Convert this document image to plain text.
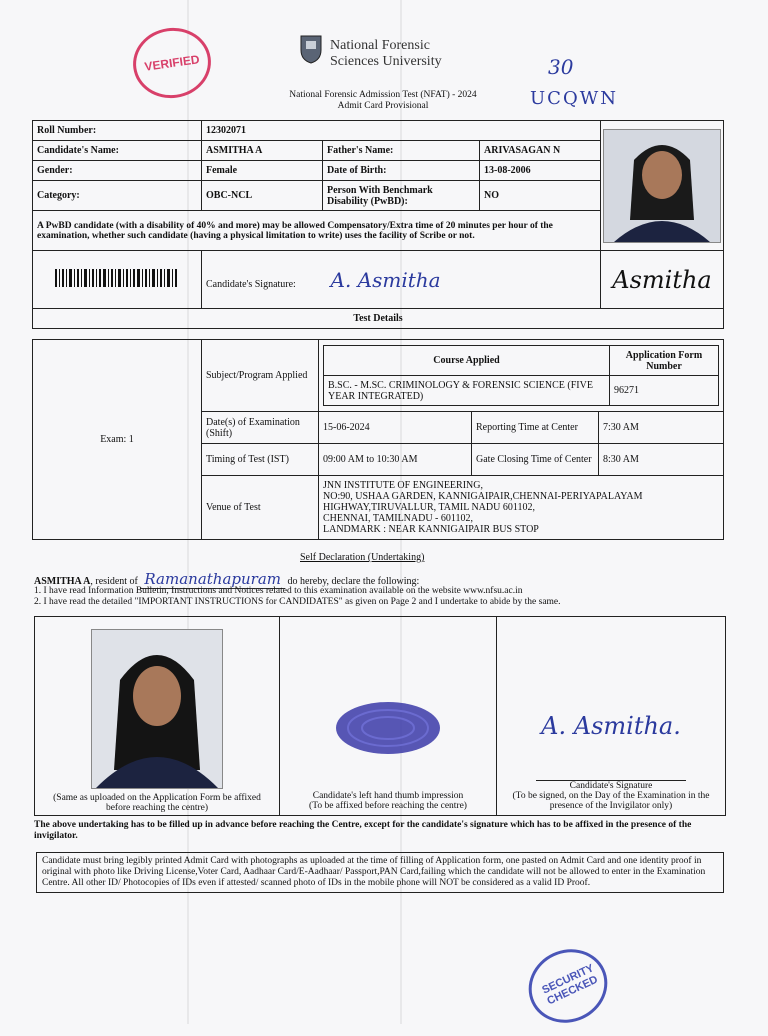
VERIFIED
National Forensic Sciences University
National Forensic Admission Test (NFAT) - 2024
Admit Card Provisional
30
UCQWN
Roll Number:	12302071	

Candidate's Name:	ASMITHA A	Father's Name:	ARIVASAGAN N	
Gender:	Female	Date of Birth:	13-08-2006	
Category:	OBC-NCL	Person With Benchmark Disability (PwBD):	NO	
A PwBD candidate (with a disability of 40% and more) may be allowed Compensatory/Extra time of 20 minutes per hour of the examination, whether such candidate (having a physical limitation to write) uses the facility of Scribe or not.				
	Candidate's Signature: A. Asmitha			Asmitha
Test Details				
Exam: 1	Subject/Program Applied	
Course Applied	Application Form Number
B.SC. - M.SC. CRIMINOLOGY & FORENSIC SCIENCE (FIVE YEAR INTEGRATED)	96271

Date(s) of Examination (Shift)	15-06-2024	Reporting Time at Center	7:30 AM
Timing of Test (IST)	09:00 AM to 10:30 AM	Gate Closing Time of Center	8:30 AM
Venue of Test	
JNN INSTITUTE OF ENGINEERING,
NO:90, USHAA GARDEN, KANNIGAIPAIR,CHENNAI-PERIYAPALAYAM
HIGHWAY,TIRUVALLUR, TAMIL NADU 601102,
CHENNAI, TAMILNADU - 601102,
LANDMARK : NEAR KANNIGAIPAIR BUS STOP
Self Declaration (Undertaking)
ASMITHA A, resident of Ramanathapuram do hereby, declare the following:
1. I have read Information Bulletin, Instructions and Notices related to this examination available on the website www.nfsu.ac.in
2. I have read the detailed "IMPORTANT INSTRUCTIONS for CANDIDATES" as given on Page 2 and I undertake to abide by the same.
(Same as uploaded on the Application Form be affixed before reaching the centre)

Candidate's left hand thumb impression
(To be affixed before reaching the centre)

A. Asmitha.
Candidate's Signature
(To be signed, on the Day of the Examination in the presence of the Invigilator only)
The above undertaking has to be filled up in advance before reaching the Centre, except for the candidate's signature which has to be affixed in the presence of the invigilator.
Candidate must bring legibly printed Admit Card with photographs as uploaded at the time of filling of Application form, one pasted on Admit Card and one identity proof in original with photo like Driving License,Voter Card, Aadhaar Card/E-Aadhaar/ Passport,PAN Card,failing which the candidate will not be allowed to enter in the Examination Centre. All other ID/ Photocopies of IDs even if attested/ scanned photo of IDs in the mobile phone will NOT be considered as a valid ID Proof.
SECURITY CHECKED
